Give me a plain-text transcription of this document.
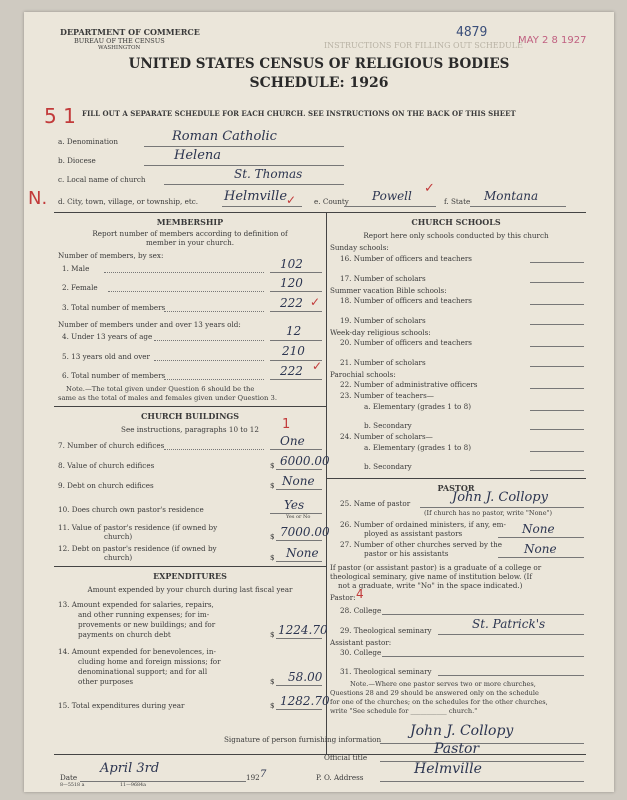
DEPARTMENT OF COMMERCE
BUREAU OF THE CENSUS
WASHINGTON	INSTRUCTIONS FOR FILLING OUT SCHEDULE
4879
MAY 2 8 1927
UNITED STATES CENSUS OF RELIGIOUS BODIES
SCHEDULE: 1926
5 1 FILL OUT A SEPARATE SCHEDULE FOR EACH CHURCH. SEE INSTRUCTIONS ON THE BACK OF THIS SHEET
a. Denomination	Roman Catholic
b. Diocese	Helena
c. Local name of church	St. Thomas
N. d. City, town, village, or township, etc. Helmville
✓ e. County Powell ✓
f. State Montana
MEMBERSHIP
Report number of members according to definition of
member in your church.
Number of members, by sex:
1. Male	102
2. Female	120
3. Total number of members	222 ✓
Number of members under and over 13 years old:
4. Under 13 years of age	12
5. 13 years old and over	210
6. Total number of members	222 ✓
Note.—The total given under Question 6 should be the
same as the total of males and females given under Question 3.
CHURCH BUILDINGS
1
See instructions, paragraphs 10 to 12
7. Number of church edifices	One
8. Value of church edifices	$ 6000.00
9. Debt on church edifices	$ None
10. Does church own pastor's residence	Yes
Yes or No
11. Value of pastor's residence (if owned by
church)	$ 7000.00
12. Debt on pastor's residence (if owned by
church)	$ None
EXPENDITURES
Amount expended by your church during last fiscal year
13. Amount expended for salaries, repairs,
and other running expenses; for im-
provements or new buildings; and for
payments on church debt	$ 1224.70
14. Amount expended for benevolences, in-
cluding home and foreign missions; for
denominational support; and for all
other purposes	$ 58.00
15. Total expenditures during year	$ 1282.70
CHURCH SCHOOLS
Report here only schools conducted by this church
Sunday schools:
16. Number of officers and teachers
17. Number of scholars
Summer vacation Bible schools:
18. Number of officers and teachers
19. Number of scholars
Week-day religious schools:
20. Number of officers and teachers
21. Number of scholars
Parochial schools:
22. Number of administrative officers
23. Number of teachers—
a. Elementary (grades 1 to 8)
b. Secondary
24. Number of scholars—
a. Elementary (grades 1 to 8)
b. Secondary
PASTOR
25. Name of pastor	John J. Collopy
(If church has no pastor, write "None")
26. Number of ordained ministers, if any, em-
ployed as assistant pastors	None
27. Number of other churches served by the
pastor or his assistants	None
If pastor (or assistant pastor) is a graduate of a college or
theological seminary, give name of institution below. (If
not a graduate, write "No" in the space indicated.)
Pastor: 4
28. College
29. Theological seminary	St. Patrick's
Assistant pastor:
30. College
31. Theological seminary
Note.—Where one pastor serves two or more churches,
Questions 28 and 29 should be answered only on the schedule
for one of the churches; on the schedules for the other churches,
write "See schedule for ___________ church."
Signature of person furnishing information
John J. Collopy
Official title
Pastor
Date
April 3rd
192 7	P. O. Address
Helmville
8—5518 a	11—9684a
